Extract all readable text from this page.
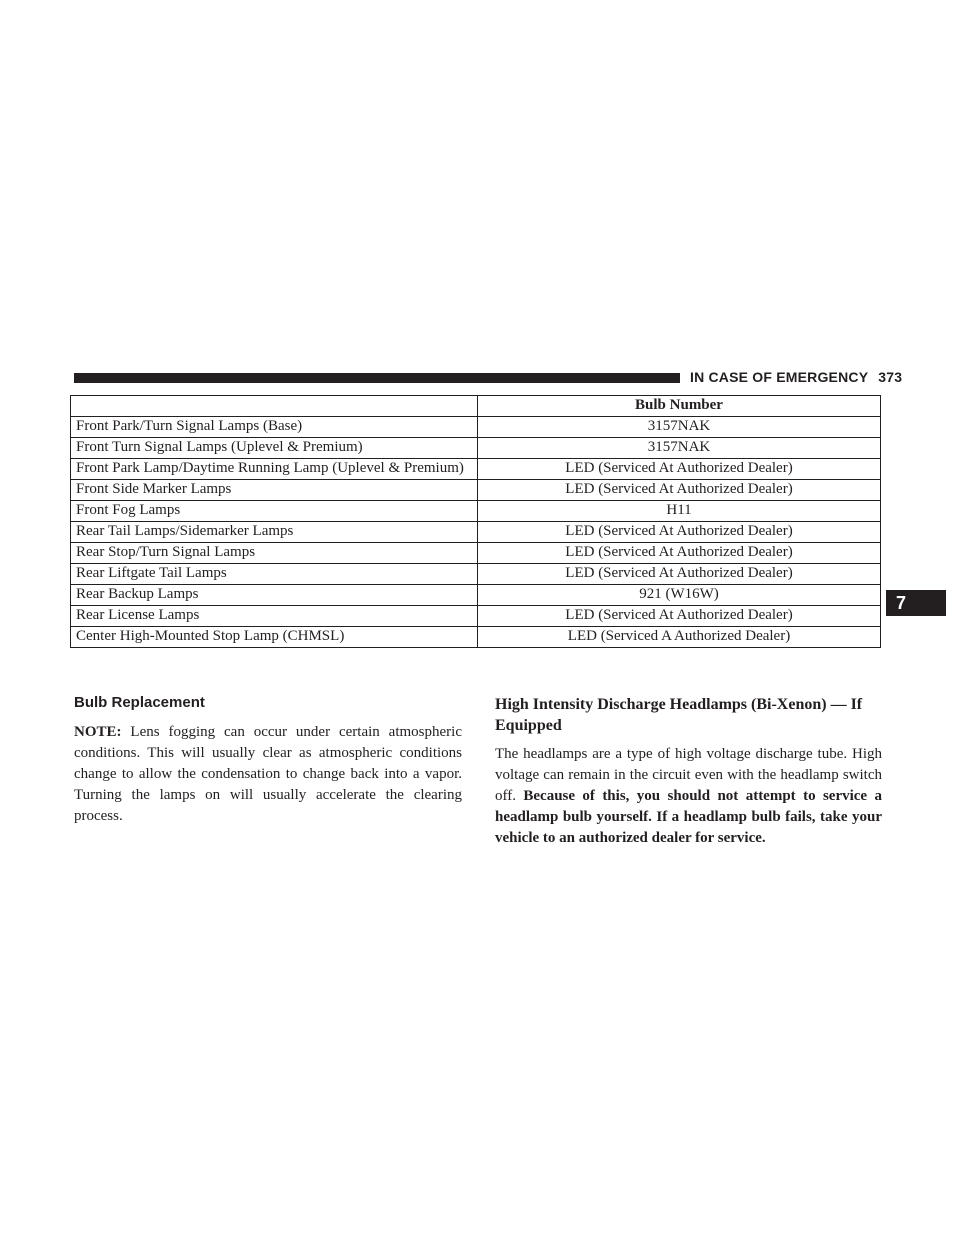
IN CASE OF EMERGENCY 373
7
	Bulb Number
Front Park/Turn Signal Lamps (Base)	3157NAK
Front Turn Signal Lamps (Uplevel & Premium)	3157NAK
Front Park Lamp/Daytime Running Lamp (Uplevel & Premium)	LED (Serviced At Authorized Dealer)
Front Side Marker Lamps	LED (Serviced At Authorized Dealer)
Front Fog Lamps	H11
Rear Tail Lamps/Sidemarker Lamps	LED (Serviced At Authorized Dealer)
Rear Stop/Turn Signal Lamps	LED (Serviced At Authorized Dealer)
Rear Liftgate Tail Lamps	LED (Serviced At Authorized Dealer)
Rear Backup Lamps	921 (W16W)
Rear License Lamps	LED (Serviced At Authorized Dealer)
Center High-Mounted Stop Lamp (CHMSL)	LED (Serviced A Authorized Dealer)
Bulb Replacement

NOTE: Lens fogging can occur under certain atmospheric conditions. This will usually clear as atmospheric conditions change to allow the condensation to change back into a vapor. Turning the lamps on will usually accelerate the clearing process.

High Intensity Discharge Headlamps (Bi-Xenon) — If Equipped

The headlamps are a type of high voltage discharge tube. High voltage can remain in the circuit even with the headlamp switch off. Because of this, you should not attempt to service a headlamp bulb yourself. If a headlamp bulb fails, take your vehicle to an authorized dealer for service.
